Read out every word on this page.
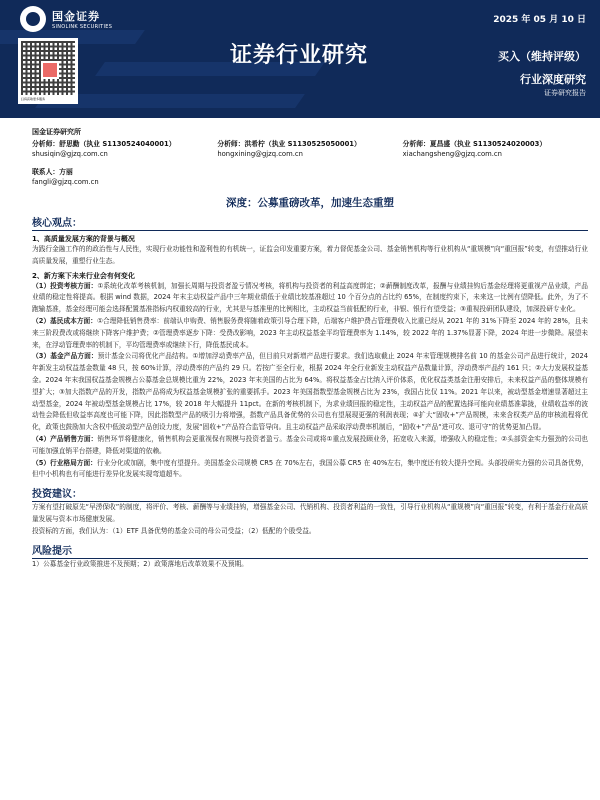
国金证券
SINOLINK SECURITIES
2025 年 05 月 10 日
扫码获取更多服务
证券行业研究	买入（维持评级）
行业深度研究
证券研究报告
国金证券研究所
分析师：舒思勤（执业 S1130524040001）
shusiqin@gjzq.com.cn
分析师：洪希柠（执业 S1130525050001）
hongxining@gjzq.com.cn
分析师：夏昌盛（执业 S1130524020003）
xiachangsheng@gjzq.com.cn
联系人：方丽
fangli@gjzq.com.cn
深度：公募重磅改革，加速生态重塑
核心观点：
1、高质量发展方案的背景与概况
为践行金融工作的的政治性与人民性，实现行业功能性和盈利性的有机统一，证监会印发重要方案，着力督促基金公司、基金销售机构等行业机构从“重规模”向“重回报”转变，有望推动行业高质量发展，重塑行业生态。
2、新方案下未来行业会有何变化
（1）投资考核方面：①系统化改革考核机制，加强长周期与投资者盈亏情况考核，将机构与投资者的利益高度绑定；②薪酬制度改革，报酬与业绩挂钩后基金经理将更重视产品业绩，产品业绩的稳定性将提高。根据 wind 数据，2024 年末主动权益产品中三年期业绩低于业绩比较基准超过 10 个百分点的占比约 65%，在制度约束下，未来这一比例有望降低。此外，为了不跑输基准，基金经理可能会选择配置基准指标内权重较高的行业，尤其是与基准里的比例相比，主动权益当前低配的行业，非银、银行有望受益；③重视投研团队建设，加深投研专业化。
（2）基民成本方面：①合理降低销售费率：前端认申购费、销售服务费将随着政策引导合理下降，后端客户维护费占管理费收入比重已经从 2021 年的 31%下降至 2024 年的 28%，且未来三阶段费改或将继续下降客户维护费；②管理费率逐步下降：受费改影响，2023 年主动权益基金平均管理费率为 1.14%，较 2022 年的 1.37%显著下降，2024 年进一步微降。展望未来，在浮动管理费率的机制下，平均管理费率或继续下行，降低基民成本。
（3）基金产品方面：预计基金公司将优化产品结构。①增加浮动费率产品，但目前只对新增产品进行要求。我们选取截止 2024 年末管理规模排名前 10 的基金公司产品进行统计，2024 年新发主动权益基金数量 48 只，按 60%计算，浮动费率的产品约 29 只。若按广至全行业，根据 2024 年全行业新发主动权益产品数量计算，浮动费率产品约 161 只；②大力发展权益基金。2024 年末我国权益基金规模占公募基金总规模比重为 22%，2023 年末美国的占比为 64%。将权益基金占比纳入评价体系，优化权益类基金注册安排后，未来权益产品的整体规模有望扩大；③加大指数产品的开发，指数产品将成为权益基金规模扩张的重要抓手。2023 年美国指数型基金规模占比为 23%，我国占比仅 11%。2021 年以来，被动型基金增速显著超过主动型基金，2024 年被动型基金规模占比 17%，较 2018 年大幅提升 11pct。在新的考核机制下，为求业绩回报的稳定性，主动权益产品的配置选择可能向业绩基准靠拢，业绩收益率的波动性会降低但收益率高度也可能下降，因此指数型产品的吸引力将增强，指数产品具备优势的公司也有望展现更强的利润表现；④扩大“固收+”产品规模，未来含权类产品的审核流程将优化，政策也鼓励加大含权中低波动型产品创设力度，发展“固收+”产品符合监管导向。且主动权益产品采取浮动费率机制后，“固收+”产品“进可攻、退可守”的优势更加凸显。
（4）产品销售方面：销售环节将健康化，销售机构会更重视保有规模与投资者盈亏。基金公司或将①重点发展投顾业务，拓宽收入来源，增强收入的稳定性；②头部资金实力强劲的公司也可能加强直销平台搭建，降低对渠道的依赖。
（5）行业格局方面：行业分化或加剧，集中度有望提升。美国基金公司规模 CR5 在 70%左右，我国公募 CR5 在 40%左右，集中度还有较大提升空间。头部投研实力强的公司具备优势，但中小机构也有可能进行差异化发展实现弯道超车。
投资建议：
方案有望打破原先“早涝保收”的制度，将评价、考核、薪酬等与业绩挂钩，增强基金公司、代销机构、投资者利益的一致性，引导行业机构从“重规模”向“重回报”转变，有利于基金行业高质量发展与资本市场健康发展。
投资标的方面，我们认为：（1）ETF 具备优势的基金公司的母公司受益；（2）低配的个股受益。
风险提示
1）公募基金行业政策推进不及预期；2）政策落地后改革效果不及预期。
